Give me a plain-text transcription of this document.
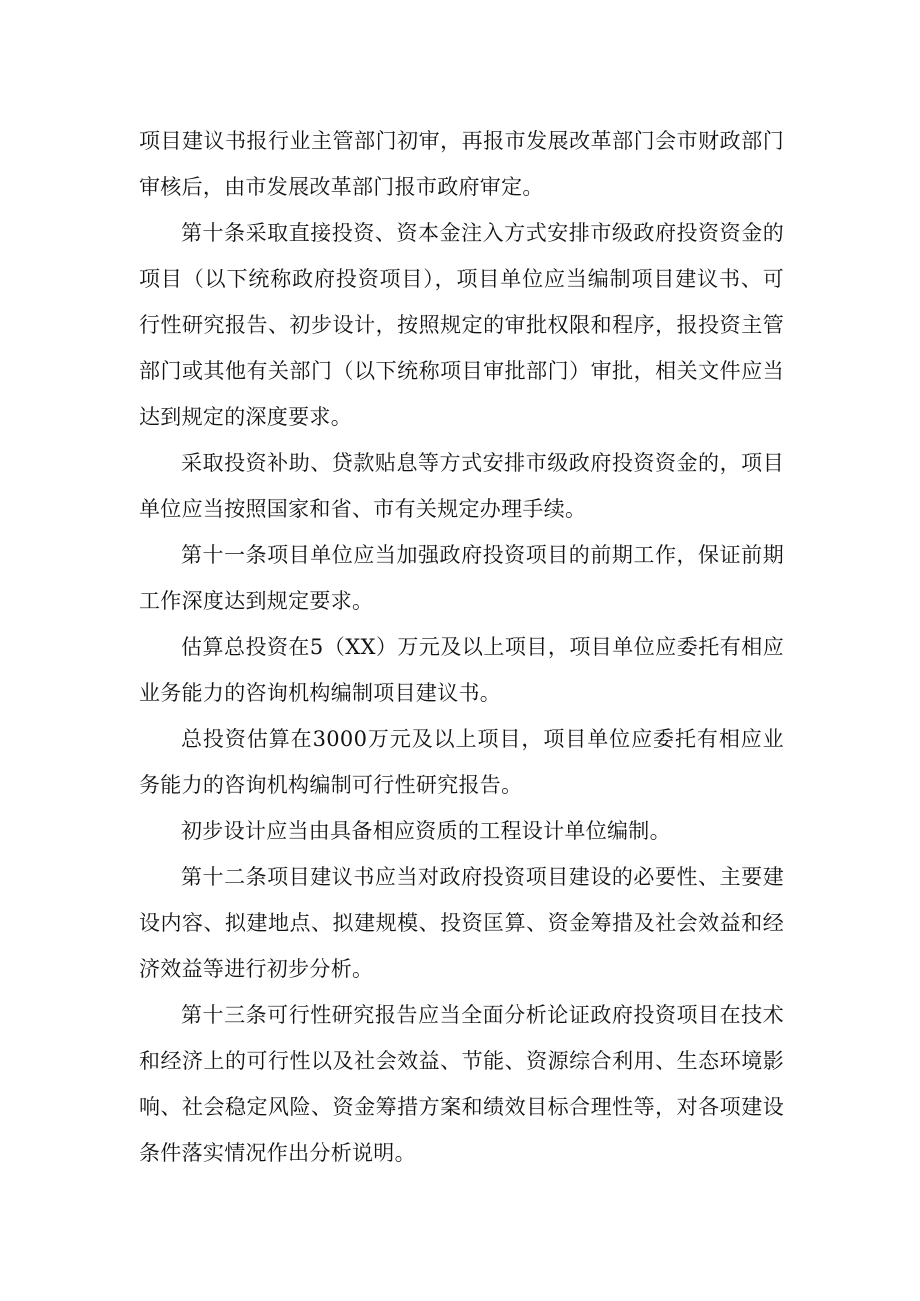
项目建议书报行业主管部门初审，再报市发展改革部门会市财政部门审核后，由市发展改革部门报市政府审定。

第十条采取直接投资、资本金注入方式安排市级政府投资资金的项目（以下统称政府投资项目），项目单位应当编制项目建议书、可行性研究报告、初步设计，按照规定的审批权限和程序，报投资主管部门或其他有关部门（以下统称项目审批部门）审批，相关文件应当达到规定的深度要求。

采取投资补助、贷款贴息等方式安排市级政府投资资金的，项目单位应当按照国家和省、市有关规定办理手续。

第十一条项目单位应当加强政府投资项目的前期工作，保证前期工作深度达到规定要求。

估算总投资在5（XX）万元及以上项目，项目单位应委托有相应业务能力的咨询机构编制项目建议书。

总投资估算在3000万元及以上项目，项目单位应委托有相应业务能力的咨询机构编制可行性研究报告。

初步设计应当由具备相应资质的工程设计单位编制。

第十二条项目建议书应当对政府投资项目建设的必要性、主要建设内容、拟建地点、拟建规模、投资匡算、资金筹措及社会效益和经济效益等进行初步分析。

第十三条可行性研究报告应当全面分析论证政府投资项目在技术和经济上的可行性以及社会效益、节能、资源综合利用、生态环境影响、社会稳定风险、资金筹措方案和绩效目标合理性等，对各项建设条件落实情况作出分析说明。
